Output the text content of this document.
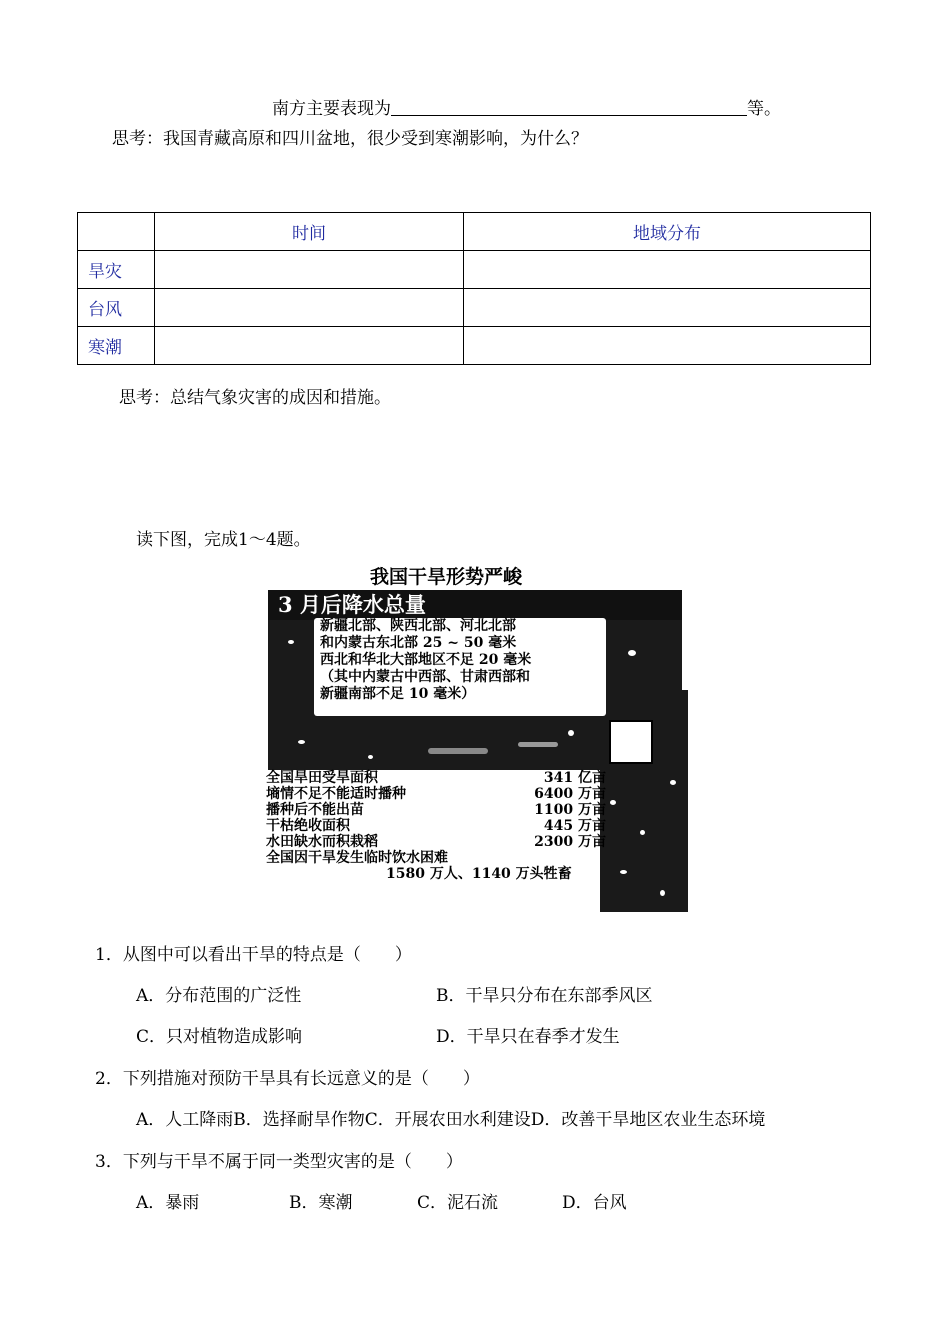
南方主要表现为	等。
思考：我国青藏高原和四川盆地，很少受到寒潮影响，为什么？
	时间	地域分布
旱灾		
台风		
寒潮		
思考：总结气象灾害的成因和措施。
读下图，完成1～4题。
我国干旱形势严峻
3 月后降水总量
新疆北部、陕西北部、河北北部
和内蒙古东北部 25 ~ 50 毫米
西北和华北大部地区不足 20 毫米
（其中内蒙古中西部、甘肃西部和
新疆南部不足 10 毫米）
全国旱田受旱面积	341 亿亩
墒情不足不能适时播种	6400 万亩
播种后不能出苗	1100 万亩
干枯绝收面积	445 万亩
水田缺水而积栽稻	2300 万亩
全国因干旱发生临时饮水困难
1580 万人、1140 万头牲畜
1．从图中可以看出干旱的特点是（　　）
A．分布范围的广泛性	B．干旱只分布在东部季风区
C．只对植物造成影响	D．干旱只在春季才发生
2．下列措施对预防干旱具有长远意义的是（　　）
A．人工降雨B．选择耐旱作物C．开展农田水利建设D．改善干旱地区农业生态环境
3．下列与干旱不属于同一类型灾害的是（　　）
A．暴雨	B．寒潮	C．泥石流	D．台风
